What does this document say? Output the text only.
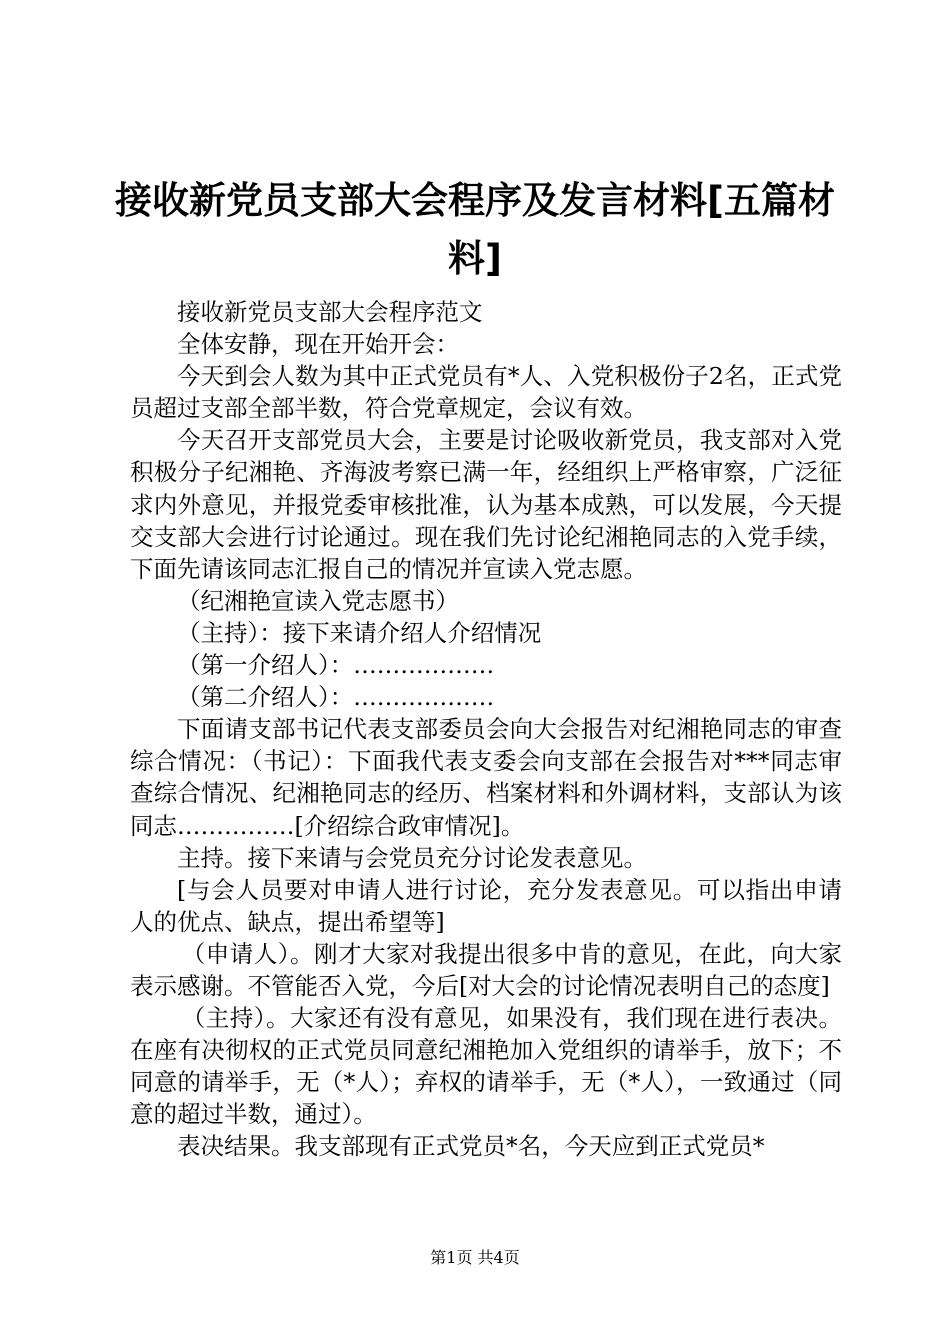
接收新党员支部大会程序及发言材料[五篇材料]

接收新党员支部大会程序范文

全体安静，现在开始开会：

今天到会人数为其中正式党员有*人、入党积极份子2名，正式党员超过支部全部半数，符合党章规定，会议有效。

今天召开支部党员大会，主要是讨论吸收新党员，我支部对入党积极分子纪湘艳、齐海波考察已满一年，经组织上严格审察，广泛征求内外意见，并报党委审核批准，认为基本成熟，可以发展，今天提交支部大会进行讨论通过。现在我们先讨论纪湘艳同志的入党手续，下面先请该同志汇报自己的情况并宣读入党志愿。

（纪湘艳宣读入党志愿书）

（主持）：接下来请介绍人介绍情况

（第一介绍人）：………………

（第二介绍人）：………………

下面请支部书记代表支部委员会向大会报告对纪湘艳同志的审查综合情况：（书记）：下面我代表支委会向支部在会报告对***同志审查综合情况、纪湘艳同志的经历、档案材料和外调材料，支部认为该同志……………[介绍综合政审情况]。

主持。接下来请与会党员充分讨论发表意见。

[与会人员要对申请人进行讨论，充分发表意见。可以指出申请人的优点、缺点，提出希望等]

（申请人）。刚才大家对我提出很多中肯的意见，在此，向大家表示感谢。不管能否入党，今后[对大会的讨论情况表明自己的态度]

（主持）。大家还有没有意见，如果没有，我们现在进行表决。在座有决彻权的正式党员同意纪湘艳加入党组织的请举手，放下；不同意的请举手，无（*人）；弃权的请举手，无（*人），一致通过（同意的超过半数，通过）。

表决结果。我支部现有正式党员*名，今天应到正式党员*

第1页 共4页
